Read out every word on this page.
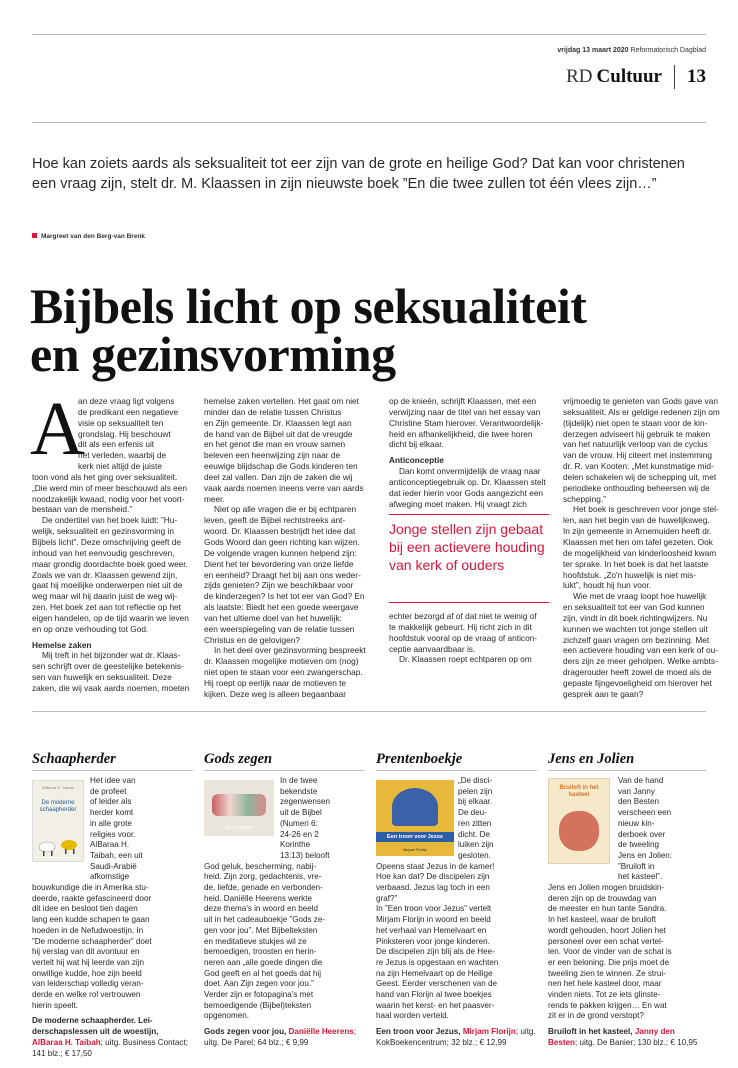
vrijdag 13 maart 2020 Reformatorisch Dagblad
RD Cultuur 13
Hoe kan zoiets aards als seksualiteit tot eer zijn van de grote en heilige God? Dat kan voor christenen een vraag zijn, stelt dr. M. Klaassen in zijn nieuwste boek ”En die twee zullen tot één vlees zijn…”
Margreet van den Berg-van Brenk
Bijbels licht op seksualiteit
en gezinsvorming
A
an deze vraag ligt volgens
de predikant een negatieve
visie op seksualiteit ten
grondslag. Hij beschouwt
dit als een erfenis uit
het verleden, waarbij de
kerk niet altijd de juiste
toon vond als het ging over seksualiteit.
„Die werd min of meer beschouwd als een
noodzakelijk kwaad, nodig voor het voort-
bestaan van de mensheid.”
De ondertitel van het boek luidt: ”Hu-
welijk, seksualiteit en gezinsvorming in
Bijbels licht”. Deze omschrijving geeft de
inhoud van het eenvoudig geschreven,
maar grondig doordachte boek goed weer.
Zoals we van dr. Klaassen gewend zijn,
gaat hij moeilijke onderwerpen niet uit de
weg maar wil hij daarin juist de weg wij-
zen. Het boek zet aan tot reflectie op het
eigen handelen, op de tijd waarin we leven
en op onze verhouding tot God.
Hemelse zaken
Mij treft in het bijzonder wat dr. Klaas-
sen schrijft over de geestelijke betekenis-
sen van huwelijk en seksualiteit. Deze
zaken, die wij vaak aards noemen, moeten
hemelse zaken vertellen. Het gaat om niet
minder dan de relatie tussen Christus
en Zijn gemeente. Dr. Klaassen legt aan
de hand van de Bijbel uit dat de vreugde
en het genot die man en vrouw samen
beleven een heenwijzing zijn naar de
eeuwige blijdschap die Gods kinderen ten
deel zal vallen. Dan zijn de zaken die wij
vaak aards noemen ineens verre van aards
meer.
Niet op alle vragen die er bij echtparen
leven, geeft de Bijbel rechtstreeks ant-
woord. Dr. Klaassen bestrijdt het idee dat
Gods Woord dan geen richting kan wijzen.
De volgende vragen kunnen helpend zijn:
Dient het ter bevordering van onze liefde
en eenheid? Draagt het bij aan ons weder-
zijds genieten? Zijn we beschikbaar voor
de kinderzegen? Is het tot eer van God? En
als laatste: Biedt het een goede weergave
van het ultieme doel van het huwelijk:
een weerspiegeling van de relatie tussen
Christus en de gelovigen?
In het deel over gezinsvorming bespreekt
dr. Klaassen mogelijke motieven om (nog)
niet open te staan voor een zwangerschap.
Hij roept op eerlijk naar de motieven te
kijken. Deze weg is alleen begaanbaar
op de knieën, schrijft Klaassen, met een
verwijzing naar de titel van het essay van
Christine Stam hierover. Verantwoordelijk-
heid en afhankelijkheid, die twee horen
dicht bij elkaar.
Anticonceptie
Dan komt onvermijdelijk de vraag naar
anticonceptiegebruik op. Dr. Klaassen stelt
dat ieder hierin voor Gods aangezicht een
afweging moet maken. Hij vraagt zich
Jonge stellen zijn gebaat bij een actievere houding van kerk of ouders
echter bezorgd af of dat niet te weinig of
te makkelijk gebeurt. Hij richt zich in dit
hoofdstuk vooral op de vraag of anticon-
ceptie aanvaardbaar is.
Dr. Klaassen roept echtparen op om
vrijmoedig te genieten van Gods gave van
seksualiteit. Als er geldige redenen zijn om
(tijdelijk) niet open te staan voor de kin-
derzegen adviseert hij gebruik te maken
van het natuurlijk verloop van de cyclus
van de vrouw. Hij citeert met instemming
dr. R. van Kooten: „Met kunstmatige mid-
delen schakelen wij de schepping uit, met
periodieke onthouding beheersen wij de
schepping.”
Het boek is geschreven voor jonge stel-
len, aan het begin van de huwelijksweg.
In zijn gemeente in Arnemuiden heeft dr.
Klaassen met hen om tafel gezeten. Ook
de mogelijkheid van kinderloosheid kwam
ter sprake. In het boek is dat het laatste
hoofdstuk. „Zo'n huwelijk is niet mis-
lukt”, houdt hij hun voor.
Wie met de vraag loopt hoe huwelijk
en seksualiteit tot eer van God kunnen
zijn, vindt in dit boek richtingwijzers. Nu
kunnen we wachten tot jonge stellen uit
zichzelf gaan vragen om bezinning. Met
een actievere houding van een kerk of ou-
ders zijn ze meer geholpen. Welke ambts-
dragerouder heeft zowel de moed als de
gepaste fijngevoeligheid om hierover het
gesprek aan te gaan?
Schaapherder
AlBaraa H. Taibah
De moderne schaapherder
Het idee van
de profeet
of leider als
herder komt
in alle grote
religies voor.
AlBaraa H.
Taibah, een uit
Saudi-Arabië
afkomstige
bouwkundige die in Amerika stu-
deerde, raakte gefascineerd door
dit idee en besloot tien dagen
lang een kudde schapen te gaan
hoeden in de Nefudwoestijn. In
”De moderne schaapherder” doet
hij verslag van dit avontuur en
vertelt hij wat hij leerde van zijn
onwillige kudde, hoe zijn beeld
van leiderschap volledig veran-
derde en welke rol vertrouwen
hierin speelt.
De moderne schaapherder. Lei-
derschapslessen uit de woestijn,
AlBaraa H. Taibah; uitg. Business Contact; 141 blz.; € 17,50
Gods zegen
Gods zegen
In de twee
bekendste
zegenwensen
uit de Bijbel
(Numeri 6:
24-26 en 2
Korinthe
13:13) belooft
God geluk, bescherming, nabij-
heid. Zijn zorg, gedachtenis, vre-
de, liefde, genade en verbonden-
heid. Daniëlle Heerens werkte
deze thema's in woord en beeld
uit in het cadeauboekje ”Gods ze-
gen voor jou”. Met Bijbelteksten
en meditatieve stukjes wil ze
bemoedigen, troosten en herin-
neren aan „alle goede dingen die
God geeft en al het goeds dat hij
doet. Aan Zijn zegen voor jou.”
Verder zijn er fotopagina's met
bemoedigende (Bijbel)teksten
opgenomen.
Gods zegen voor jou, Daniëlle Heerens; uitg. De Parel; 64 blz.; € 9,99
Prentenboekje
Een troon voor Jezus
Mirjam Florijn
„De disci-
pelen zijn
bij elkaar.
De deu-
ren zitten
dicht. De
luiken zijn
gesloten.
Opeens staat Jezus in de kamer!
Hoe kan dat? De discipelen zijn
verbaasd. Jezus lag toch in een
graf?”
In ”Een troon voor Jezus” vertelt
Mirjam Florijn in woord en beeld
het verhaal van Hemelvaart en
Pinksteren voor jonge kinderen.
De discipelen zijn blij als de Hee-
re Jezus is opgestaan en wachten
na zijn Hemelvaart op de Heilige
Geest. Eerder verschenen van de
hand van Florijn al twee boekjes
waarin het kerst- en het paasver-
haal worden verteld.
Een troon voor Jezus, Mirjam Florijn; uitg. KokBoekencentrum; 32 blz.; € 12,99
Jens en Jolien
Bruiloft in het kasteel
Van de hand
van Janny
den Besten
verscheen een
nieuw kin-
derboek over
de tweeling
Jens en Jolien:
”Bruiloft in
het kasteel”.
Jens en Jolien mogen bruidskin-
deren zijn op de trouwdag van
de meester en hun tante Sandra.
In het kasteel, waar de bruiloft
wordt gehouden, hoort Jolien het
personeel over een schat vertel-
len. Voor de vinder van de schat is
er een beloning. Die prijs moet de
tweeling zien te winnen. Ze strui-
nen het hele kasteel door, maar
vinden niets. Tot ze iets glinste-
rends te pakken krijgen… En wat
zit er in de grond verstopt?
Bruiloft in het kasteel, Janny den Besten; uitg. De Banier; 130 blz.; € 10,95
